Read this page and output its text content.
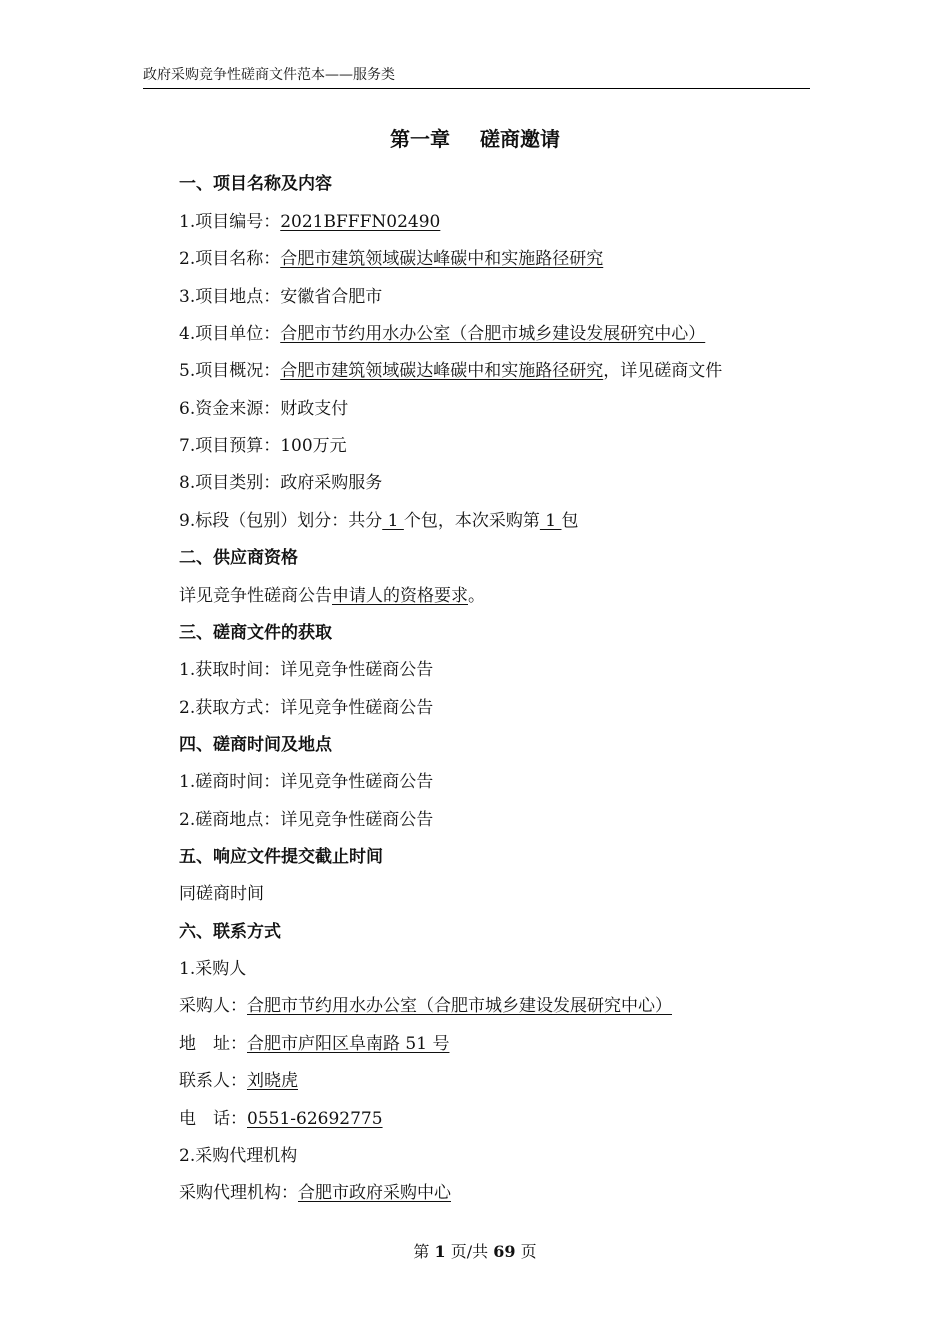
政府采购竞争性磋商文件范本——服务类
第一章 磋商邀请
一、项目名称及内容
1.项目编号：2021BFFFN02490
2.项目名称：合肥市建筑领域碳达峰碳中和实施路径研究
3.项目地点：安徽省合肥市
4.项目单位：合肥市节约用水办公室（合肥市城乡建设发展研究中心）
5.项目概况：合肥市建筑领域碳达峰碳中和实施路径研究，详见磋商文件
6.资金来源：财政支付
7.项目预算：100万元
8.项目类别：政府采购服务
9.标段（包别）划分：共分 1 个包，本次采购第 1 包
二、供应商资格
详见竞争性磋商公告申请人的资格要求。
三、磋商文件的获取
1.获取时间：详见竞争性磋商公告
2.获取方式：详见竞争性磋商公告
四、磋商时间及地点
1.磋商时间：详见竞争性磋商公告
2.磋商地点：详见竞争性磋商公告
五、响应文件提交截止时间
同磋商时间
六、联系方式
1.采购人
采购人：合肥市节约用水办公室（合肥市城乡建设发展研究中心）
地　址：合肥市庐阳区阜南路 51 号
联系人：刘晓虎
电　话：0551-62692775
2.采购代理机构
采购代理机构：合肥市政府采购中心
第 1 页/共 69 页
